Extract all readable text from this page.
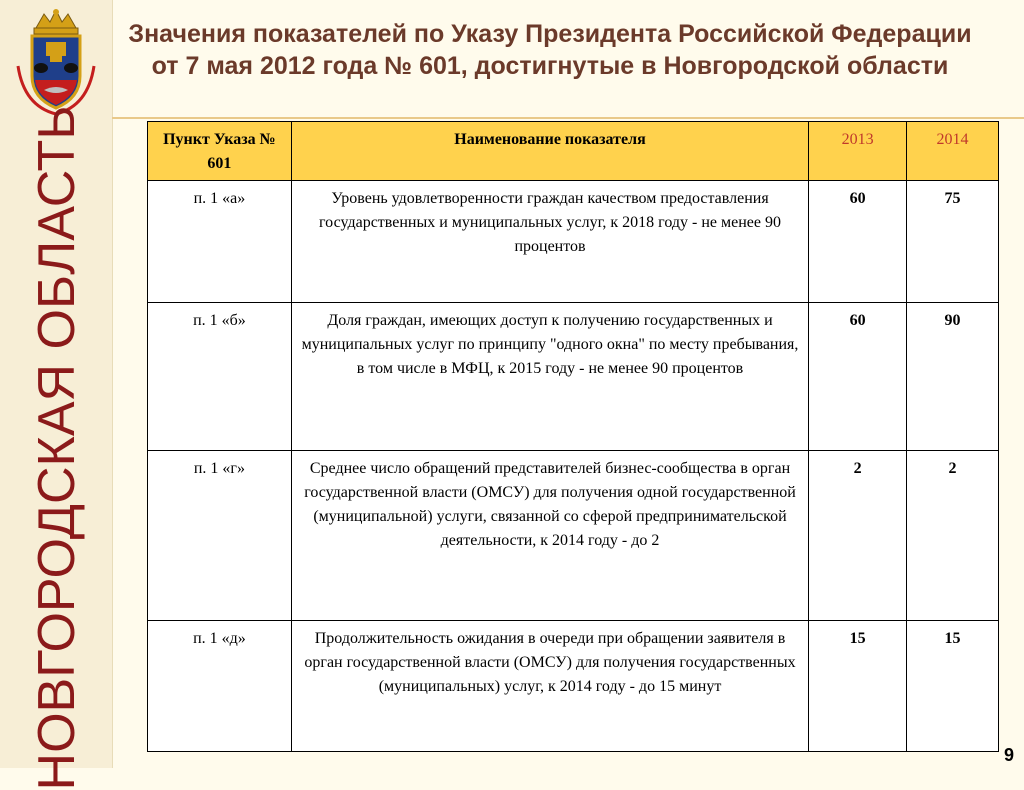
НОВГОРОДСКАЯ ОБЛАСТЬ
Значения показателей по Указу Президента Российской Федерации от 7 мая 2012 года № 601, достигнутые в Новгородской области
Пункт Указа № 601	Наименование показателя	2013	2014
п. 1 «а»	Уровень удовлетворенности граждан качеством предоставления государственных и муниципальных услуг, к 2018 году - не менее 90 процентов	60	75
п. 1 «б»	Доля граждан, имеющих доступ к получению государственных и муниципальных услуг по принципу "одного окна" по месту пребывания, в том числе в МФЦ, к 2015 году - не менее 90 процентов	60	90
п. 1 «г»	Среднее число обращений представителей бизнес-сообщества в орган государственной власти (ОМСУ) для получения одной государственной (муниципальной) услуги, связанной со сферой предпринимательской деятельности, к 2014 году - до 2	2	2
п. 1 «д»	Продолжительность ожидания в очереди при обращении заявителя в орган государственной власти (ОМСУ) для получения государственных (муниципальных) услуг, к 2014 году - до 15 минут	15	15
9
